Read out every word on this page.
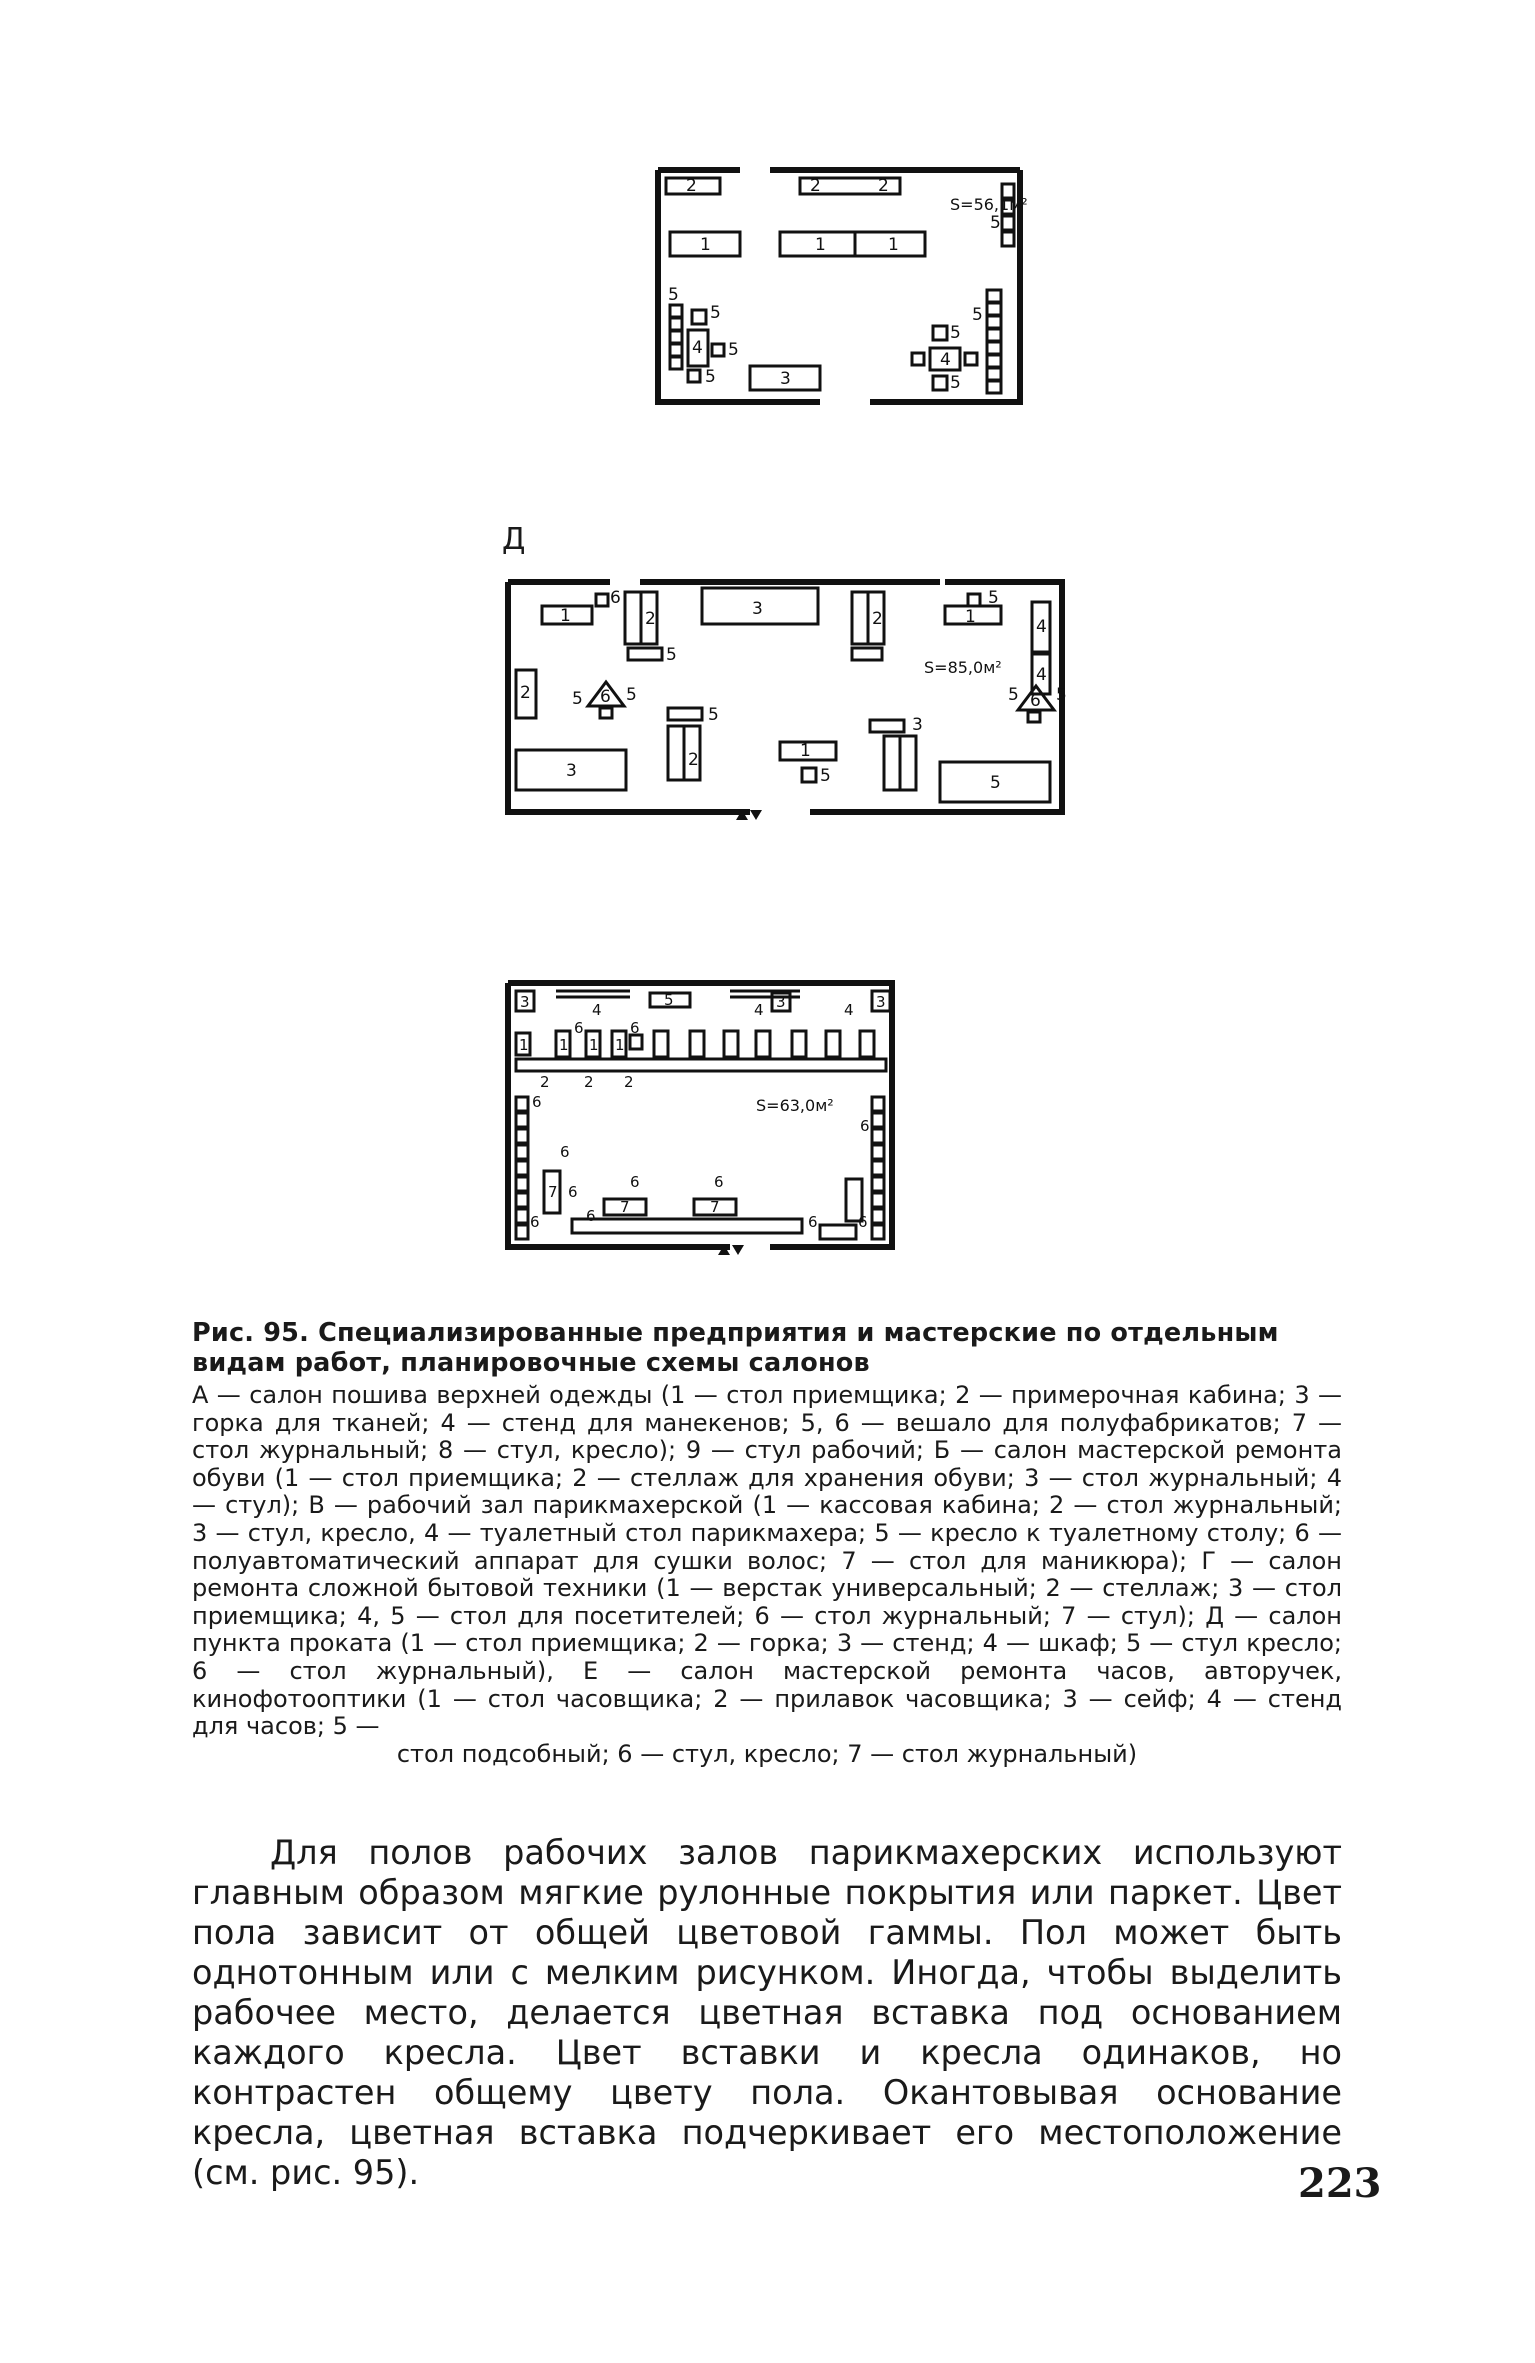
S=56,1м²
2	2	2
1	1	1
5
5
5
5
4
5
5
3
5
4
5
Д
S=85,0м²
6
1	2	3	2
5
1	4
4
5
6
5	5
5
6
5 5
3
2
1
5
2
3
5
S=63,0м²
3	4
5
4 3	4 3
1 1
6
1
6
1
2 2 2
6
6
6
7 6
6
6 7
6
7
6	6	6

Рис. 95. Специализированные предприятия и мастерские по отдельным видам работ, планировочные схемы салонов

А — салон пошива верхней одежды (1 — стол приемщика; 2 — примерочная кабина; 3 — горка для тканей; 4 — стенд для манекенов; 5, 6 — вешало для полуфабрикатов; 7 — стол журнальный; 8 — стул, кресло); 9 — стул рабочий; Б — салон мастерской ремонта обуви (1 — стол приемщика; 2 — стеллаж для хранения обуви; 3 — стол журнальный; 4 — стул); В — рабочий зал парикмахерской (1 — кассовая кабина; 2 — стол журнальный; 3 — стул, кресло, 4 — туалетный стол парикмахера; 5 — кресло к туалетному столу; 6 — полуавтоматический аппарат для сушки волос; 7 — стол для маникюра); Г — салон ремонта сложной бытовой техники (1 — верстак универсальный; 2 — стеллаж; 3 — стол приемщика; 4, 5 — стол для посетителей; 6 — стол журнальный; 7 — стул); Д — салон пункта проката (1 — стол приемщика; 2 — горка; 3 — стенд; 4 — шкаф; 5 — стул кресло; 6 — стол журнальный), Е — салон мастерской ремонта часов, авторучек, кинофотооптики (1 — стол часовщика; 2 — прилавок часовщика; 3 — сейф; 4 — стенд для часов; 5 —
стол подсобный; 6 — стул, кресло; 7 — стол журнальный)

Для полов рабочих залов парикмахерских используют главным образом мягкие рулонные покрытия или паркет. Цвет пола зависит от общей цветовой гаммы. Пол может быть однотонным или с мелким рисунком. Иногда, чтобы выделить рабочее место, делается цветная вставка под основанием каждого кресла. Цвет вставки и кресла одинаков, но контрастен общему цвету пола. Окантовывая основание кресла, цветная вставка подчеркивает его местоположение (см. рис. 95).	223
